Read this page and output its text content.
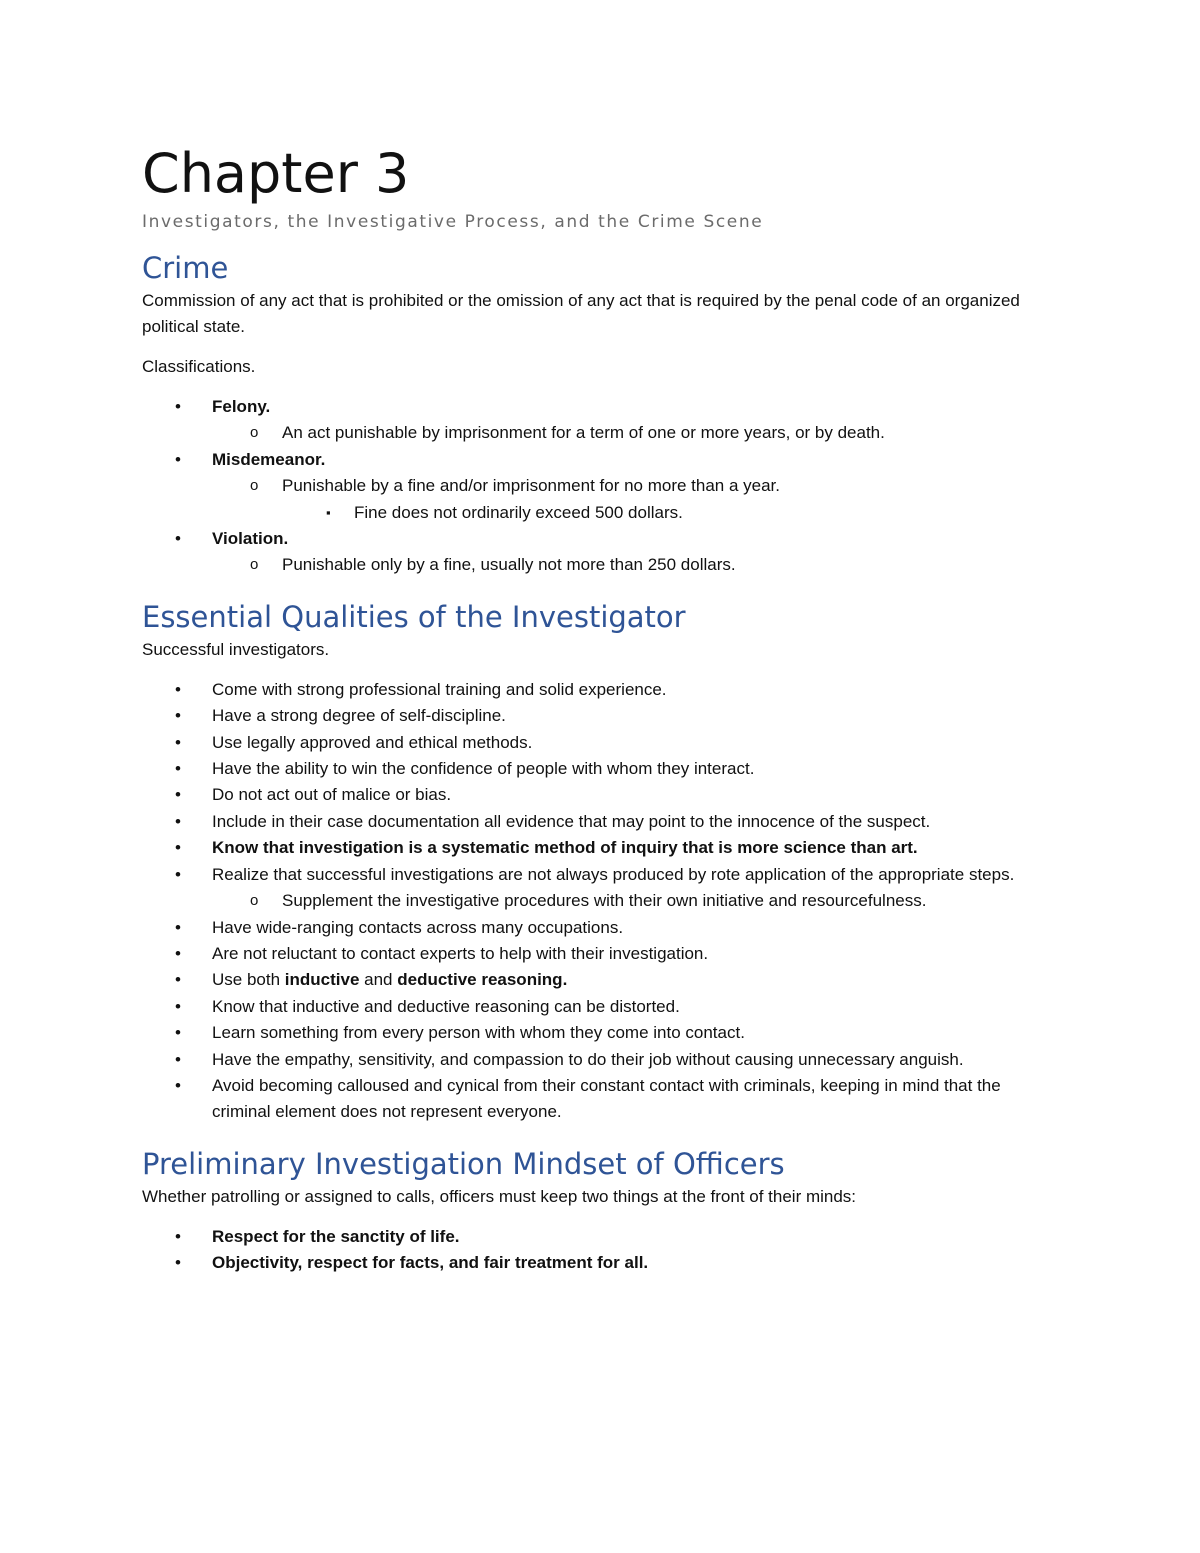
Chapter 3
Investigators, the Investigative Process, and the Crime Scene
Crime

Commission of any act that is prohibited or the omission of any act that is required by the penal code of an organized political state.

Classifications.

•	Felony.
o	An act punishable by imprisonment for a term of one or more years, or by death.
•	Misdemeanor.
o	Punishable by a fine and/or imprisonment for no more than a year.
▪	Fine does not ordinarily exceed 500 dollars.
•	Violation.
o	Punishable only by a fine, usually not more than 250 dollars.
Essential Qualities of the Investigator

Successful investigators.

•	Come with strong professional training and solid experience.
•	Have a strong degree of self-discipline.
•	Use legally approved and ethical methods.
•	Have the ability to win the confidence of people with whom they interact.
•	Do not act out of malice or bias.
•	Include in their case documentation all evidence that may point to the innocence of the suspect.
•	Know that investigation is a systematic method of inquiry that is more science than art.
•	Realize that successful investigations are not always produced by rote application of the appropriate steps.
o	Supplement the investigative procedures with their own initiative and resourcefulness.
•	Have wide-ranging contacts across many occupations.
•	Are not reluctant to contact experts to help with their investigation.
•	Use both inductive and deductive reasoning.
•	Know that inductive and deductive reasoning can be distorted.
•	Learn something from every person with whom they come into contact.
•	Have the empathy, sensitivity, and compassion to do their job without causing unnecessary anguish.
•	Avoid becoming calloused and cynical from their constant contact with criminals, keeping in mind that the criminal element does not represent everyone.
Preliminary Investigation Mindset of Officers

Whether patrolling or assigned to calls, officers must keep two things at the front of their minds:

•	Respect for the sanctity of life.
•	Objectivity, respect for facts, and fair treatment for all.
